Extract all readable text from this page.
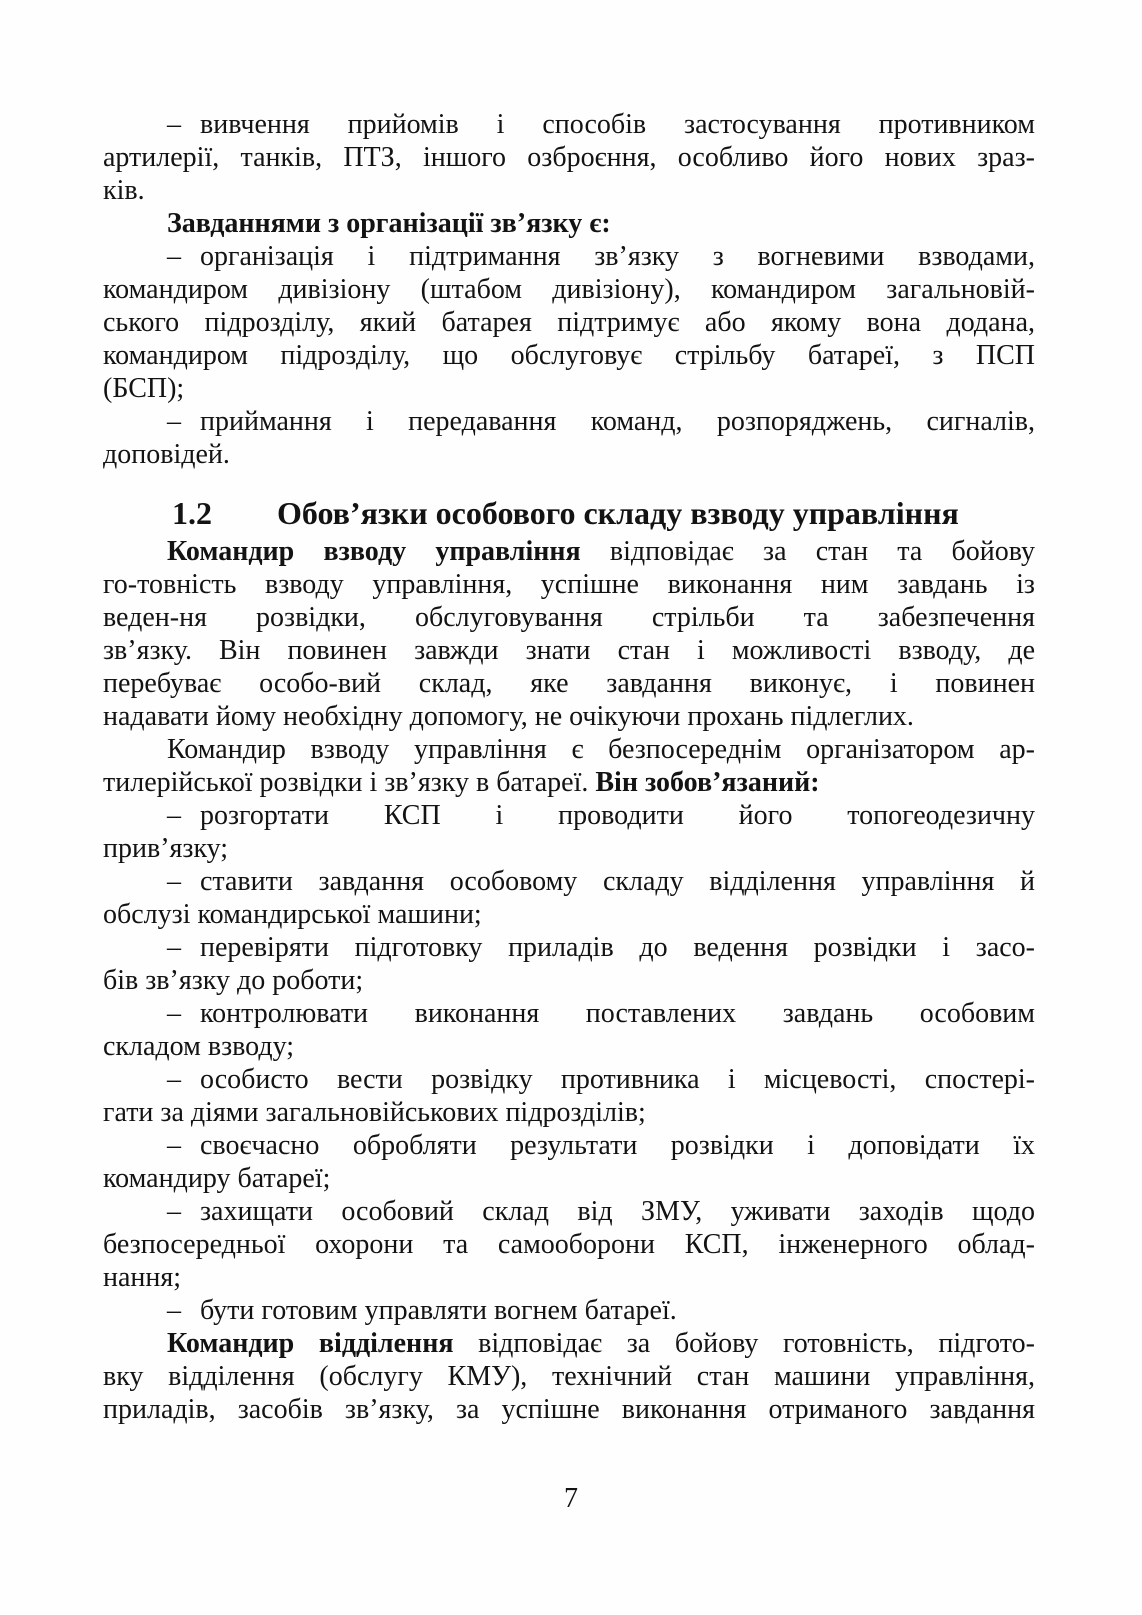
– вивчення прийомів і способів застосування противником
артилерії, танків, ПТЗ, іншого озброєння, особливо його нових зраз-
ків.
Завданнями з організації зв’язку є:
– організація і підтримання зв’язку з вогневими взводами,
командиром дивізіону (штабом дивізіону), командиром загальновій-
ського підрозділу, який батарея підтримує або якому вона додана,
командиром підрозділу, що обслуговує стрільбу батареї, з ПСП
(БСП);
– приймання і передавання команд, розпоряджень, сигналів,
доповідей.
1.2 Обов’язки особового складу взводу управління
Командир взводу управління відповідає за стан та бойову
го-товність взводу управління, успішне виконання ним завдань із
веден-ня розвідки, обслуговування стрільби та забезпечення
зв’язку. Він повинен завжди знати стан і можливості взводу, де
перебуває особо-вий склад, яке завдання виконує, і повинен
надавати йому необхідну допомогу, не очікуючи прохань підлеглих.
Командир взводу управління є безпосереднім організатором ар-
тилерійської розвідки і зв’язку в батареї. Він зобов’язаний:
– розгортати КСП і проводити його топогеодезичну
прив’язку;
– ставити завдання особовому складу відділення управління й
обслузі командирської машини;
– перевіряти підготовку приладів до ведення розвідки і засо-
бів зв’язку до роботи;
– контролювати виконання поставлених завдань особовим
складом взводу;
– особисто вести розвідку противника і місцевості, спостері-
гати за діями загальновійськових підрозділів;
– своєчасно обробляти результати розвідки і доповідати їх
командиру батареї;
– захищати особовий склад від ЗМУ, уживати заходів щодо
безпосередньої охорони та самооборони КСП, інженерного облад-
нання;
– бути готовим управляти вогнем батареї.
Командир відділення відповідає за бойову готовність, підгото-
вку відділення (обслугу КМУ), технічний стан машини управління,
приладів, засобів зв’язку, за успішне виконання отриманого завдання
7
